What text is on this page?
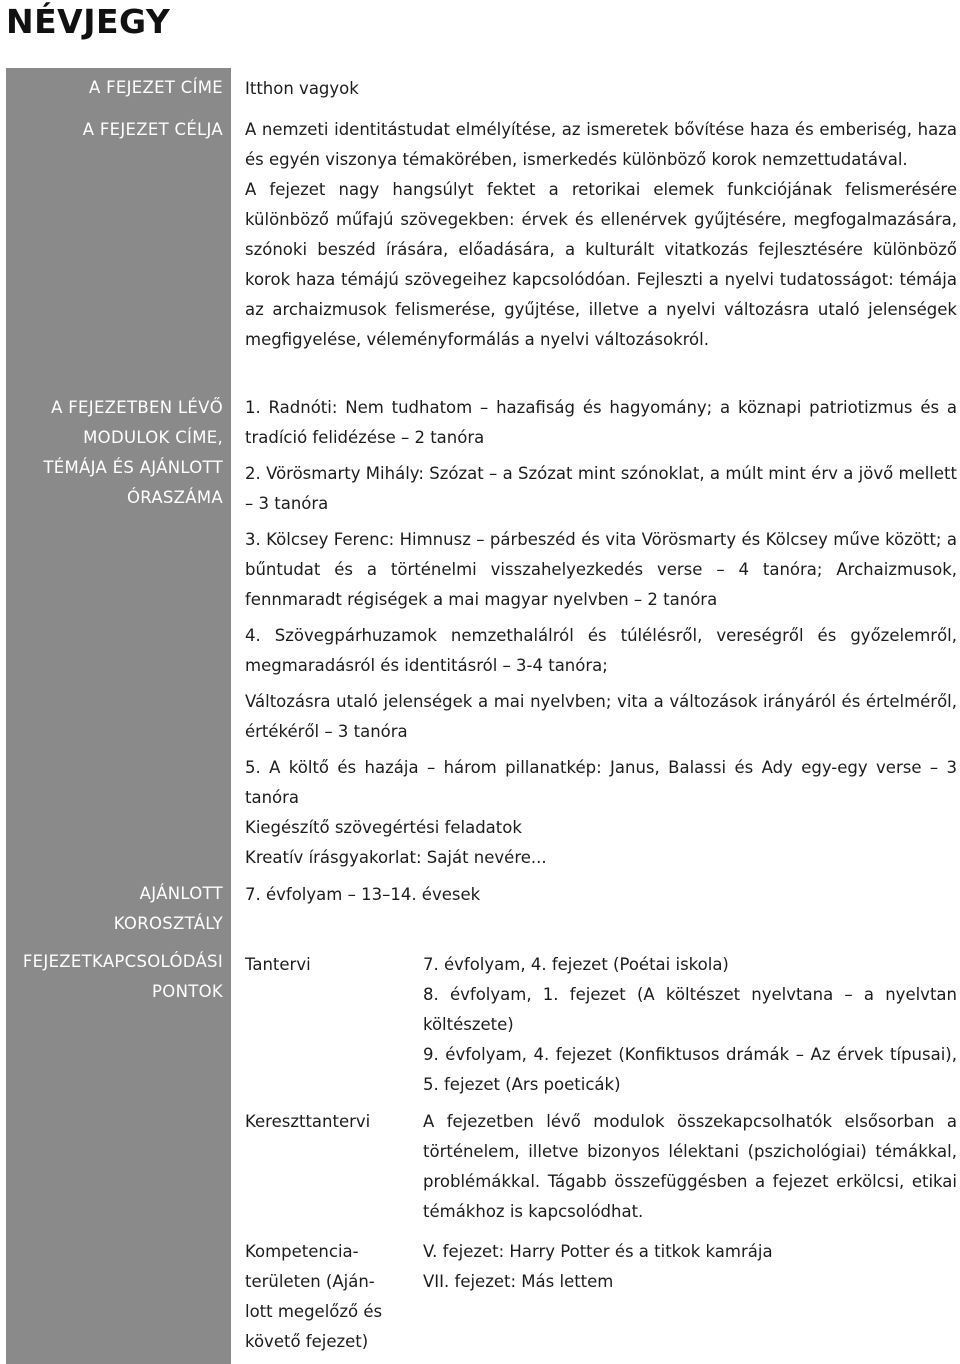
NÉVJEGY
A FEJEZET CÍME
A FEJEZET CÉLJA
A FEJEZETBEN LÉVŐ
MODULOK CÍME,
TÉMÁJA ÉS AJÁNLOTT
ÓRASZÁMA
AJÁNLOTT
KOROSZTÁLY
FEJEZETKAPCSOLÓDÁSI
PONTOK
Itthon vagyok

A nemzeti identitástudat elmélyítése, az ismeretek bővítése haza és emberiség, haza és egyén viszonya témakörében, ismerkedés különböző korok nemzettudatával.

A fejezet nagy hangsúlyt fektet a retorikai elemek funkciójának felismerésére különböző műfajú szövegekben: érvek és ellenérvek gyűjtésére, megfogalmazására, szónoki beszéd írására, előadására, a kulturált vitatkozás fejlesztésére különböző korok haza témájú szövegeihez kapcsolódóan. Fejleszti a nyelvi tudatosságot: témája az archaizmusok felismerése, gyűjtése, illetve a nyelvi változásra utaló jelenségek megfigyelése, véleményformálás a nyelvi változásokról.

1. Radnóti: Nem tudhatom – hazafiság és hagyomány; a köznapi patriotizmus és a tradíció felidézése – 2 tanóra

2. Vörösmarty Mihály: Szózat – a Szózat mint szónoklat, a múlt mint érv a jövő mellett – 3 tanóra

3. Kölcsey Ferenc: Himnusz – párbeszéd és vita Vörösmarty és Kölcsey műve között; a bűntudat és a történelmi visszahelyezkedés verse – 4 tanóra; Archaizmusok, fennmaradt régiségek a mai magyar nyelvben – 2 tanóra

4. Szövegpárhuzamok nemzethalálról és túlélésről, vereségről és győzelemről, megmaradásról és identitásról – 3-4 tanóra;

Változásra utaló jelenségek a mai nyelvben; vita a változások irányáról és értelméről, értékéről – 3 tanóra

5. A költő és hazája – három pillanatkép: Janus, Balassi és Ady egy-egy verse – 3 tanóra

Kiegészítő szövegértési feladatok

Kreatív írásgyakorlat: Saját nevére...

7. évfolyam – 13–14. évesek
Tantervi	7. évfolyam, 4. fejezet (Poétai iskola)

8. évfolyam, 1. fejezet (A költészet nyelvtana – a nyelvtan költészete)

9. évfolyam, 4. fejezet (Konfiktusos drámák – Az érvek típusai), 5. fejezet (Ars poeticák)

Kereszttantervi	A fejezetben lévő modulok összekapcsolhatók elsősorban a történelem, illetve bizonyos lélektani (pszichológiai) témákkal, problémákkal. Tágabb összefüggésben a fejezet erkölcsi, etikai témákhoz is kapcsolódhat.
Kompetencia-
területen (Aján-
lott megelőző és
követő fejezet)

V. fejezet: Harry Potter és a titkok kamrája

VII. fejezet: Más lettem
